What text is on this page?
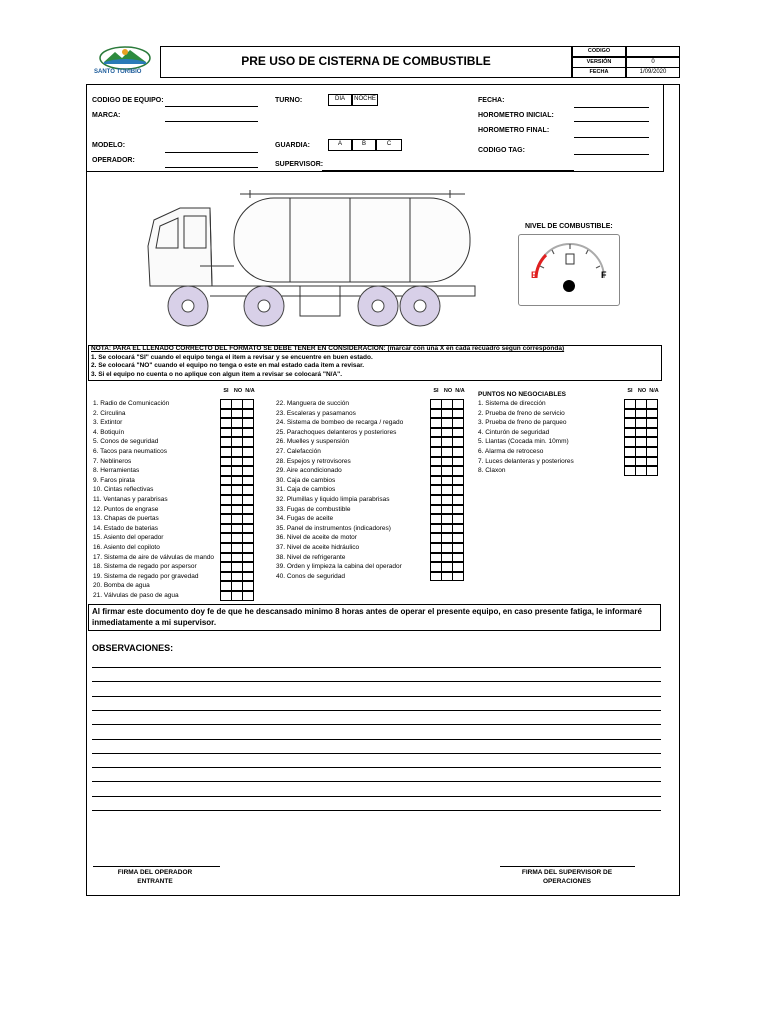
SANTO TORIBIO
PRE USO DE CISTERNA DE COMBUSTIBLE
CODIGO
VERSIÓN	0
FECHA	1/09/2020
CODIGO DE EQUIPO:
MARCA:
MODELO:
OPERADOR:
TURNO:	DIA	NOCHE
GUARDIA:	A	B	C
SUPERVISOR:
FECHA:
HOROMETRO INICIAL:
HOROMETRO FINAL:
CODIGO TAG:
NIVEL DE COMBUSTIBLE:
E	F
NOTA: PARA EL LLENADO CORRECTO DEL FORMATO SE DEBE TENER EN CONSIDERACION: (marcar con una X en cada recuadro según corresponda)
1. Se colocará "SI" cuando el equipo tenga el item a revisar y se encuentre en buen estado.
2. Se colocará "NO" cuando el equipo no tenga o este en mal estado cada item a revisar.
3. Si el equipo no cuenta o no aplique con algun item a revisar se colocará "N/A".
SI NO N/A
1. Radio de Comunicación
2. Circulina
3. Extintor
4. Botiquín
5. Conos de seguridad
6. Tacos para neumaticos
7. Neblineros
8. Herramientas
9. Faros pirata
10. Cintas reflectivas
11. Ventanas y parabrisas
12. Puntos de engrase
13. Chapas de puertas
14. Estado de baterias
15. Asiento del operador
16. Asiento del copiloto
17. Sistema de aire de válvulas de mando
18. Sistema de regado por aspersor
19. Sistema de regado por gravedad
20. Bomba de agua
21. Válvulas de paso de agua
SI NO N/A
22. Manguera de succión
23. Escaleras y pasamanos
24. Sistema de bombeo de recarga / regado
25. Parachoques delanteros y posteriores
26. Muelles y suspensión
27. Calefacción
28. Espejos y retrovisores
29. Aire acondicionado
30. Caja de cambios
31. Caja de cambios
32. Plumillas y liquido limpia parabrisas
33. Fugas de combustible
34. Fugas de aceite
35. Panel de instrumentos (indicadores)
36. Nivel de aceite de motor
37. Nivel de aceite hidráulico
38. Nivel de refrigerante
39. Orden y limpieza la cabina del operador
40. Conos de seguridad
PUNTOS NO NEGOCIABLES	SI NO N/A
1. Sistema de dirección
2. Prueba de freno de servicio
3. Prueba de freno de parqueo
4. Cinturón de seguridad
5. Llantas (Cocada min. 10mm)
6. Alarma de retroceso
7. Luces delanteras y posteriores
8. Claxon
Al firmar este documento doy fe de que he descansado minimo 8 horas antes de operar el presente equipo, en caso presente fatiga, le informaré inmediatamente a mi supervisor.
OBSERVACIONES:
FIRMA DEL OPERADOR ENTRANTE
FIRMA DEL SUPERVISOR DE OPERACIONES
